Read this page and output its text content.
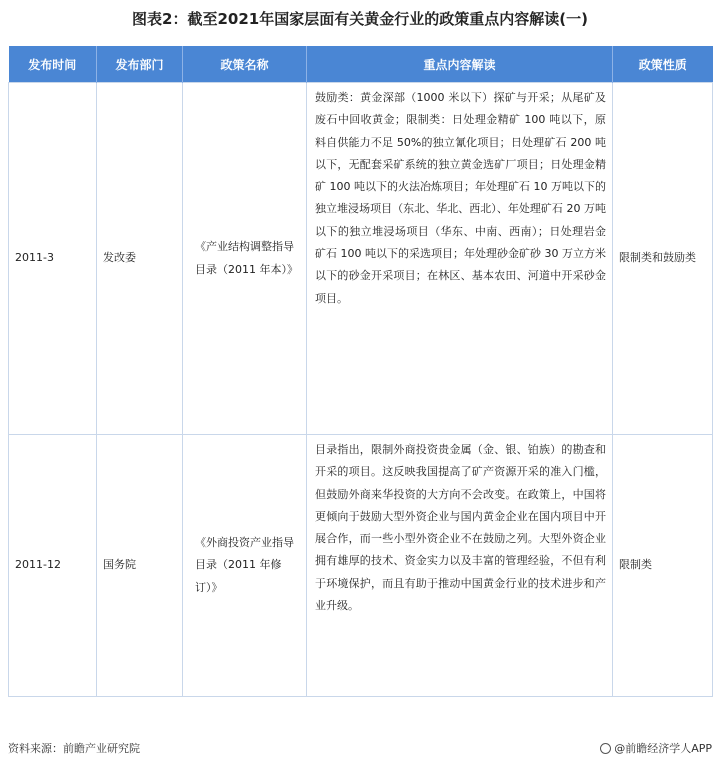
图表2：截至2021年国家层面有关黄金行业的政策重点内容解读(一)
发布时间	发布部门	政策名称	重点内容解读	政策性质
2011-3	发改委	《产业结构调整指导目录（2011 年本）》	鼓励类：黄金深部（1000 米以下）探矿与开采；从尾矿及废石中回收黄金；限制类：日处理金精矿 100 吨以下，原料自供能力不足 50%的独立氰化项目；日处理矿石 200 吨以下，无配套采矿系统的独立黄金选矿厂项目；日处理金精矿 100 吨以下的火法冶炼项目；年处理矿石 10 万吨以下的独立堆浸场项目（东北、华北、西北）、年处理矿石 20 万吨以下的独立堆浸场项目（华东、中南、西南）；日处理岩金矿石 100 吨以下的采选项目；年处理砂金矿砂 30 万立方米以下的砂金开采项目；在林区、基本农田、河道中开采砂金项目。	限制类和鼓励类
2011-12	国务院	《外商投资产业指导目录（2011 年修订）》	目录指出，限制外商投资贵金属（金、银、铂族）的勘查和开采的项目。这反映我国提高了矿产资源开采的准入门槛，但鼓励外商来华投资的大方向不会改变。在政策上，中国将更倾向于鼓励大型外资企业与国内黄金企业在国内项目中开展合作，而一些小型外资企业不在鼓励之列。大型外资企业拥有雄厚的技术、资金实力以及丰富的管理经验，不但有利于环境保护，而且有助于推动中国黄金行业的技术进步和产业升级。	限制类
资料来源：前瞻产业研究院	@前瞻经济学人APP
